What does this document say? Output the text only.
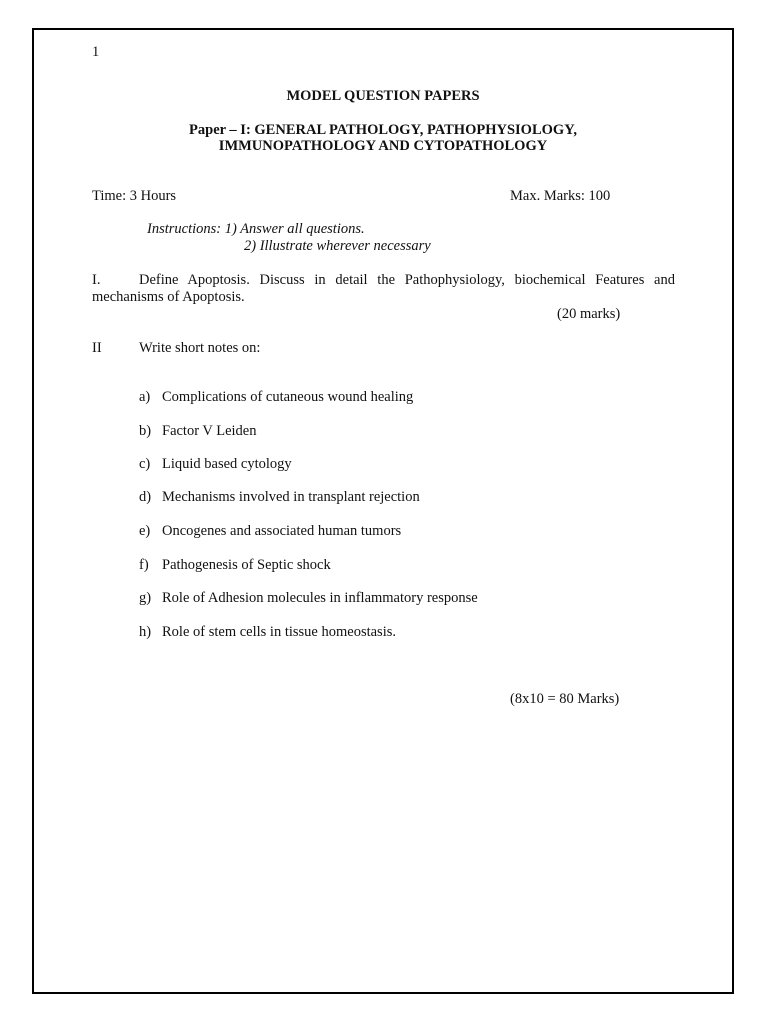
1
MODEL QUESTION PAPERS
Paper – I: GENERAL PATHOLOGY, PATHOPHYSIOLOGY,
IMMUNOPATHOLOGY AND CYTOPATHOLOGY
Time: 3 Hours	Max. Marks: 100
Instructions: 1) Answer all questions.
2) Illustrate wherever necessary
I.	Define Apoptosis. Discuss in detail the Pathophysiology, biochemical Features and
mechanisms of Apoptosis.
(20 marks)
II	Write short notes on:
a) Complications of cutaneous wound healing
b) Factor V Leiden
c) Liquid based cytology
d) Mechanisms involved in transplant rejection
e) Oncogenes and associated human tumors
f) Pathogenesis of Septic shock
g) Role of Adhesion molecules in inflammatory response
h) Role of stem cells in tissue homeostasis.
(8x10 = 80 Marks)
